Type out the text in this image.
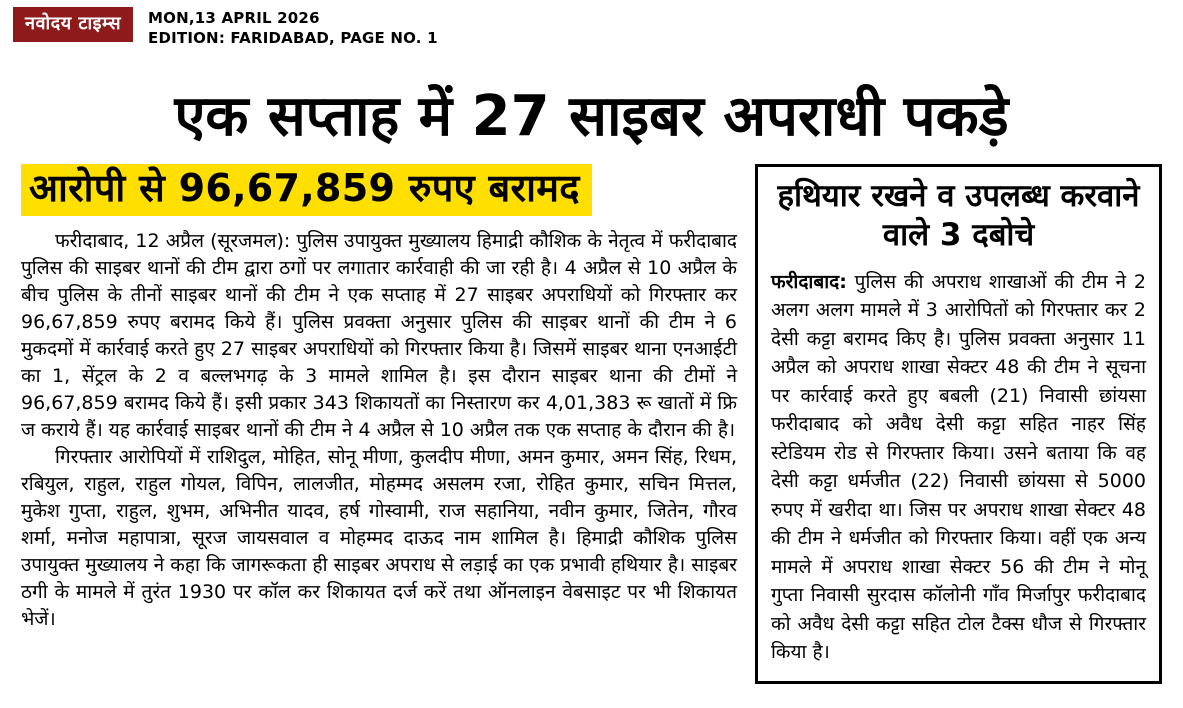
नवोदय टाइम्स	MON,13 APRIL 2026
EDITION: FARIDABAD, PAGE NO. 1
एक सप्ताह में 27 साइबर अपराधी पकड़े
आरोपी से 96,67,859 रुपए बरामद

फरीदाबाद, 12 अप्रैल (सूरजमल): पुलिस उपायुक्त मुख्यालय हिमाद्री कौशिक के नेतृत्व में फरीदाबाद पुलिस की साइबर थानों की टीम द्वारा ठगों पर लगातार कार्रवाही की जा रही है। 4 अप्रैल से 10 अप्रैल के बीच पुलिस के तीनों साइबर थानों की टीम ने एक सप्ताह में 27 साइबर अपराधियों को गिरफ्तार कर 96,67,859 रुपए बरामद किये हैं। पुलिस प्रवक्ता अनुसार पुलिस की साइबर थानों की टीम ने 6 मुकदमों में कार्रवाई करते हुए 27 साइबर अपराधियों को गिरफ्तार किया है। जिसमें साइबर थाना एनआईटी का 1, सेंट्रल के 2 व बल्लभगढ़ के 3 मामले शामिल है। इस दौरान साइबर थाना की टीमों ने 96,67,859 बरामद किये हैं। इसी प्रकार 343 शिकायतों का निस्तारण कर 4,01,383 रू खातों में फ्रि ज कराये हैं। यह कार्रवाई साइबर थानों की टीम ने 4 अप्रैल से 10 अप्रैल तक एक सप्ताह के दौरान की है।

गिरफ्तार आरोपियों में राशिदुल, मोहित, सोनू मीणा, कुलदीप मीणा, अमन कुमार, अमन सिंह, रिधम, रबियुल, राहुल, राहुल गोयल, विपिन, लालजीत, मोहम्मद असलम रजा, रोहित कुमार, सचिन मित्तल, मुकेश गुप्ता, राहुल, शुभम, अभिनीत यादव, हर्ष गोस्वामी, राज सहानिया, नवीन कुमार, जितेन, गौरव शर्मा, मनोज महापात्रा, सूरज जायसवाल व मोहम्मद दाऊद नाम शामिल है। हिमाद्री कौशिक पुलिस उपायुक्त मुख्यालय ने कहा कि जागरूकता ही साइबर अपराध से लड़ाई का एक प्रभावी हथियार है। साइबर ठगी के मामले में तुरंत 1930 पर कॉल कर शिकायत दर्ज करें तथा ऑनलाइन वेबसाइट पर भी शिकायत भेजें।

हथियार रखने व उपलब्ध करवाने वाले 3 दबोचे

फरीदाबाद: पुलिस की अपराध शाखाओं की टीम ने 2 अलग अलग मामले में 3 आरोपितों को गिरफ्तार कर 2 देसी कट्टा बरामद किए है। पुलिस प्रवक्ता अनुसार 11 अप्रैल को अपराध शाखा सेक्टर 48 की टीम ने सूचना पर कार्रवाई करते हुए बबली (21) निवासी छांयसा फरीदाबाद को अवैध देसी कट्टा सहित नाहर सिंह स्टेडियम रोड से गिरफ्तार किया। उसने बताया कि वह देसी कट्टा धर्मजीत (22) निवासी छांयसा से 5000 रुपए में खरीदा था। जिस पर अपराध शाखा सेक्टर 48 की टीम ने धर्मजीत को गिरफ्तार किया। वहीं एक अन्य मामले में अपराध शाखा सेक्टर 56 की टीम ने मोनू गुप्ता निवासी सुरदास कॉलोनी गाँव मिर्जापुर फरीदाबाद को अवैध देसी कट्टा सहित टोल टैक्स धौज से गिरफ्तार किया है।
